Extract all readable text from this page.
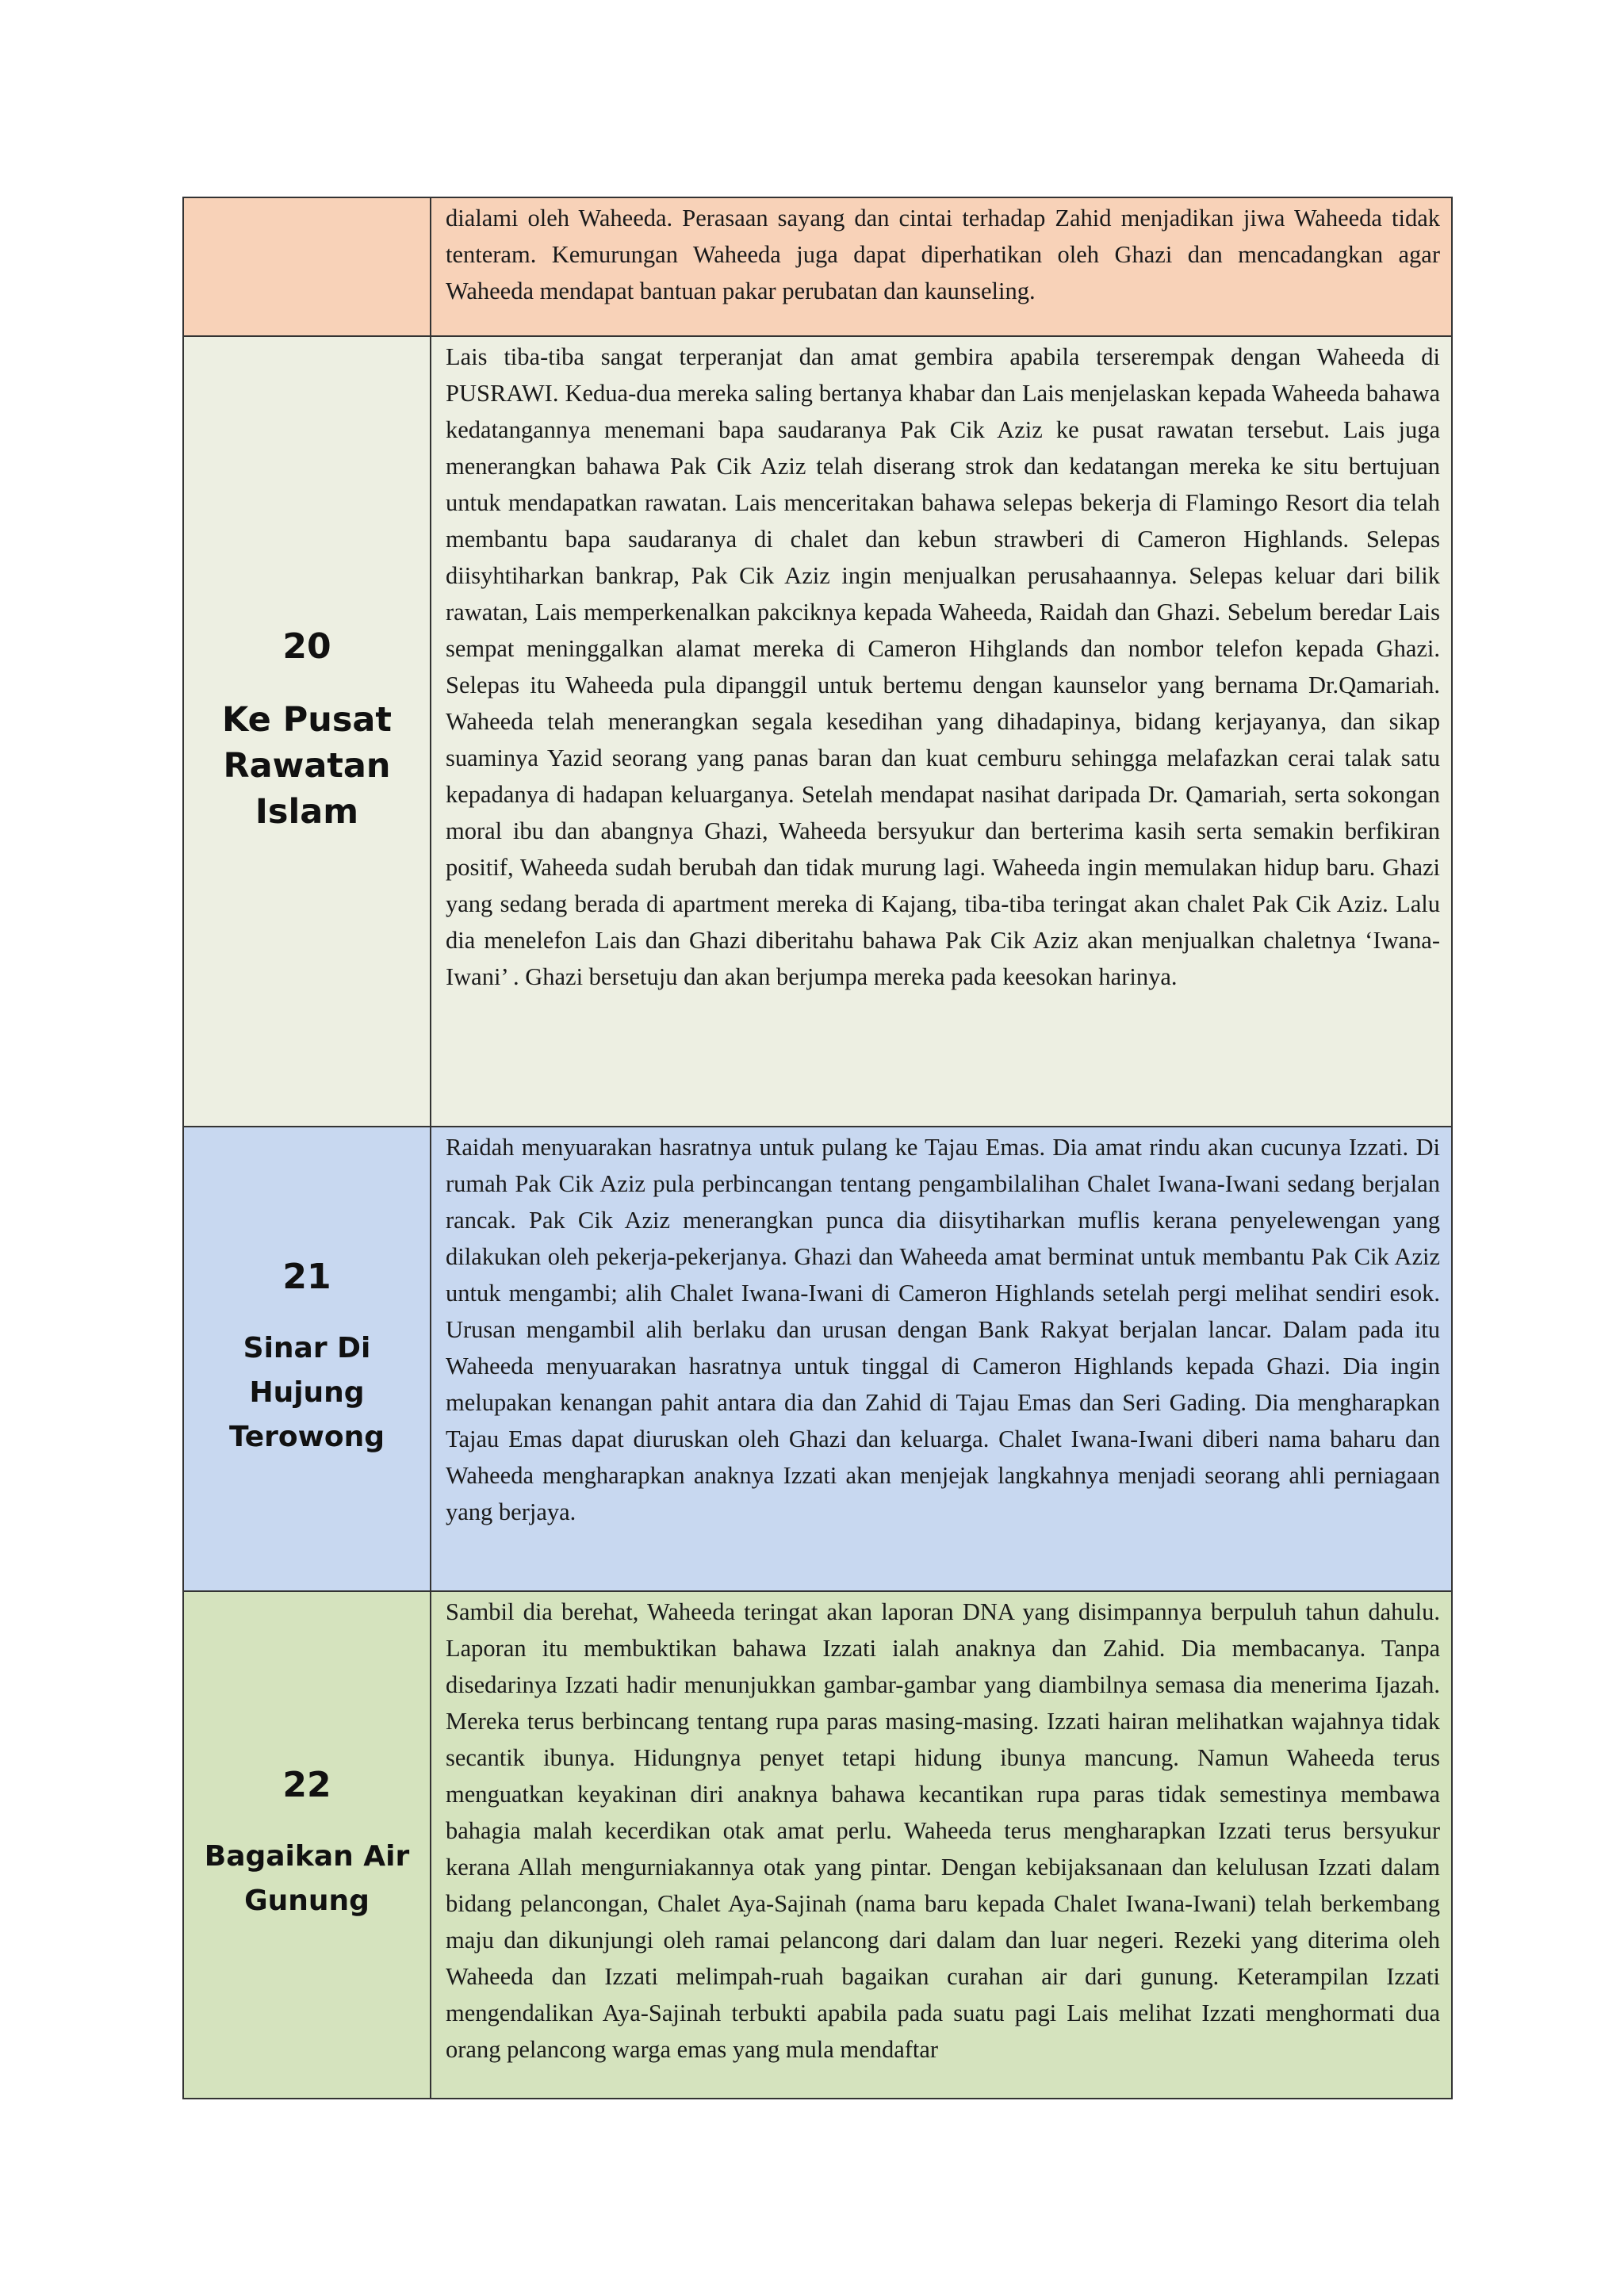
	dialami oleh Waheeda. Perasaan sayang dan cintai terhadap Zahid menjadikan jiwa Waheeda tidak tenteram. Kemurungan Waheeda juga dapat diperhatikan oleh Ghazi dan mencadangkan agar Waheeda mendapat bantuan pakar perubatan dan kaunseling.

20
Ke Pusat Rawatan Islam	Lais tiba-tiba sangat terperanjat dan amat gembira apabila terserempak dengan Waheeda di PUSRAWI. Kedua-dua mereka saling bertanya khabar dan Lais menjelaskan kepada Waheeda bahawa kedatangannya menemani bapa saudaranya Pak Cik Aziz ke pusat rawatan tersebut. Lais juga menerangkan bahawa Pak Cik Aziz telah diserang strok dan kedatangan mereka ke situ bertujuan untuk mendapatkan rawatan. Lais menceritakan bahawa selepas bekerja di Flamingo Resort dia telah membantu bapa saudaranya di chalet dan kebun strawberi di Cameron Highlands. Selepas diisyhtiharkan bankrap, Pak Cik Aziz ingin menjualkan perusahaannya. Selepas keluar dari bilik rawatan, Lais memperkenalkan pakciknya kepada Waheeda, Raidah dan Ghazi. Sebelum beredar Lais sempat meninggalkan alamat mereka di Cameron Hihglands dan nombor telefon kepada Ghazi. Selepas itu Waheeda pula dipanggil untuk bertemu dengan kaunselor yang bernama Dr.Qamariah. Waheeda telah menerangkan segala kesedihan yang dihadapinya, bidang kerjayanya, dan sikap suaminya Yazid seorang yang panas baran dan kuat cemburu sehingga melafazkan cerai talak satu kepadanya di hadapan keluarganya. Setelah mendapat nasihat daripada Dr. Qamariah, serta sokongan moral ibu dan abangnya Ghazi, Waheeda bersyukur dan berterima kasih serta semakin berfikiran positif, Waheeda sudah berubah dan tidak murung lagi. Waheeda ingin memulakan hidup baru. Ghazi yang sedang berada di apartment mereka di Kajang, tiba-tiba teringat akan chalet Pak Cik Aziz. Lalu dia menelefon Lais dan Ghazi diberitahu bahawa Pak Cik Aziz akan menjualkan chaletnya ‘Iwana-Iwani’ . Ghazi bersetuju dan akan berjumpa mereka pada keesokan harinya.

21
Sinar Di Hujung Terowong	Raidah menyuarakan hasratnya untuk pulang ke Tajau Emas. Dia amat rindu akan cucunya Izzati. Di rumah Pak Cik Aziz pula perbincangan tentang pengambilalihan Chalet Iwana-Iwani sedang berjalan rancak. Pak Cik Aziz menerangkan punca dia diisytiharkan muflis kerana penyelewengan yang dilakukan oleh pekerja-pekerjanya. Ghazi dan Waheeda amat berminat untuk membantu Pak Cik Aziz untuk mengambi; alih Chalet Iwana-Iwani di Cameron Highlands setelah pergi melihat sendiri esok. Urusan mengambil alih berlaku dan urusan dengan Bank Rakyat berjalan lancar. Dalam pada itu Waheeda menyuarakan hasratnya untuk tinggal di Cameron Highlands kepada Ghazi. Dia ingin melupakan kenangan pahit antara dia dan Zahid di Tajau Emas dan Seri Gading. Dia mengharapkan Tajau Emas dapat diuruskan oleh Ghazi dan keluarga. Chalet Iwana-Iwani diberi nama baharu dan Waheeda mengharapkan anaknya Izzati akan menjejak langkahnya menjadi seorang ahli perniagaan yang berjaya.

22
Bagaikan Air Gunung	Sambil dia berehat, Waheeda teringat akan laporan DNA yang disimpannya berpuluh tahun dahulu. Laporan itu membuktikan bahawa Izzati ialah anaknya dan Zahid. Dia membacanya. Tanpa disedarinya Izzati hadir menunjukkan gambar-gambar yang diambilnya semasa dia menerima Ijazah. Mereka terus berbincang tentang rupa paras masing-masing. Izzati hairan melihatkan wajahnya tidak secantik ibunya. Hidungnya penyet tetapi hidung ibunya mancung. Namun Waheeda terus menguatkan keyakinan diri anaknya bahawa kecantikan rupa paras tidak semestinya membawa bahagia malah kecerdikan otak amat perlu. Waheeda terus mengharapkan Izzati terus bersyukur kerana Allah mengurniakannya otak yang pintar. Dengan kebijaksanaan dan kelulusan Izzati dalam bidang pelancongan, Chalet Aya-Sajinah (nama baru kepada Chalet Iwana-Iwani) telah berkembang maju dan dikunjungi oleh ramai pelancong dari dalam dan luar negeri. Rezeki yang diterima oleh Waheeda dan Izzati melimpah-ruah bagaikan curahan air dari gunung. Keterampilan Izzati mengendalikan Aya-Sajinah terbukti apabila pada suatu pagi Lais melihat Izzati menghormati dua orang pelancong warga emas yang mula mendaftar
